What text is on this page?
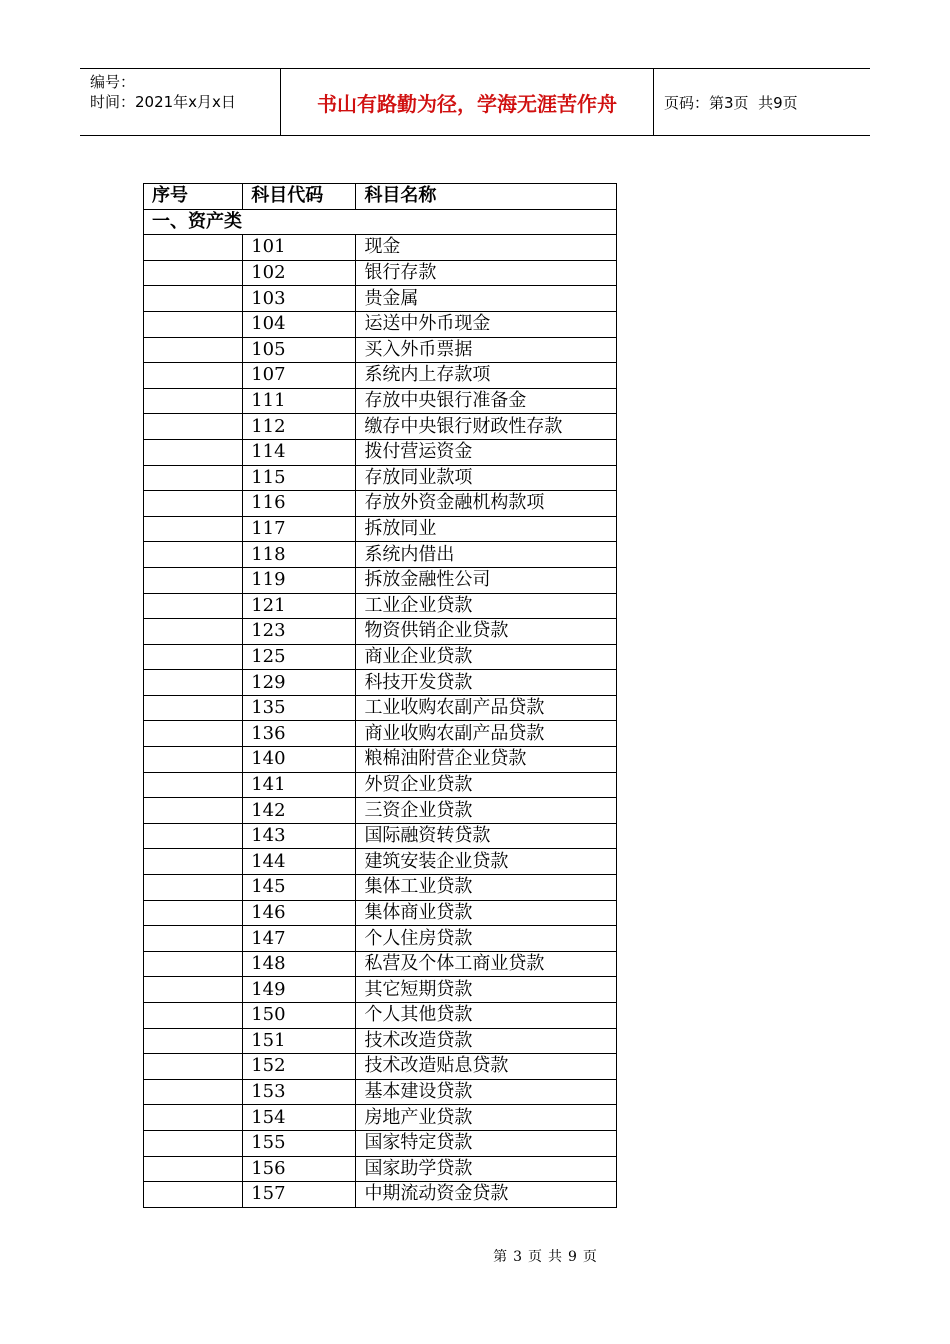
编号：
时间：2021年x月x日	书山有路勤为径，学海无涯苦作舟	页码：第3页  共9页
序号	科目代码	科目名称
一、资产类		
	101	现金
	102	银行存款
	103	贵金属
	104	运送中外币现金
	105	买入外币票据
	107	系统内上存款项
	111	存放中央银行准备金
	112	缴存中央银行财政性存款
	114	拨付营运资金
	115	存放同业款项
	116	存放外资金融机构款项
	117	拆放同业
	118	系统内借出
	119	拆放金融性公司
	121	工业企业贷款
	123	物资供销企业贷款
	125	商业企业贷款
	129	科技开发贷款
	135	工业收购农副产品贷款
	136	商业收购农副产品贷款
	140	粮棉油附营企业贷款
	141	外贸企业贷款
	142	三资企业贷款
	143	国际融资转贷款
	144	建筑安装企业贷款
	145	集体工业贷款
	146	集体商业贷款
	147	个人住房贷款
	148	私营及个体工商业贷款
	149	其它短期贷款
	150	个人其他贷款
	151	技术改造贷款
	152	技术改造贴息贷款
	153	基本建设贷款
	154	房地产业贷款
	155	国家特定贷款
	156	国家助学贷款
	157	中期流动资金贷款
第 3 页 共 9 页
